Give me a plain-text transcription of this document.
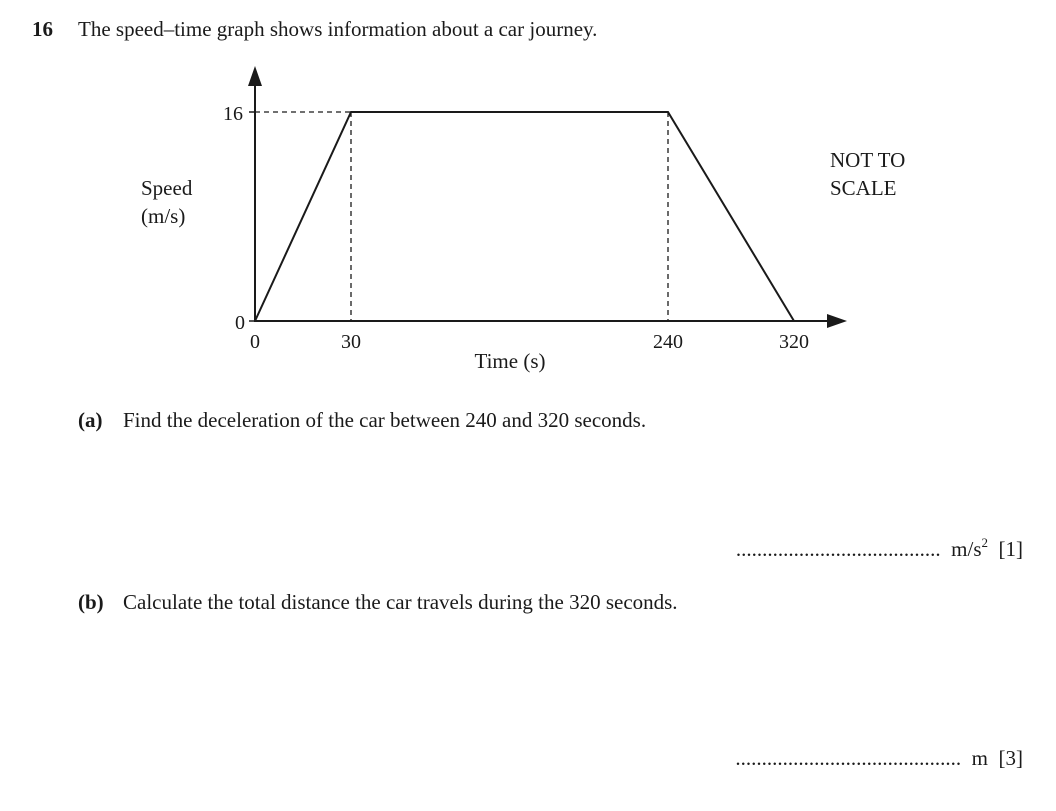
16 The speed–time graph shows information about a car journey.
16
0
0	30	240	320
Speed
(m/s)
Time (s)
NOT TO
SCALE
(a) Find the deceleration of the car between 240 and 320 seconds.
....................................... $m/s^2$ [1]
(b) Calculate the total distance the car travels during the 320 seconds.
........................................... m [3]
